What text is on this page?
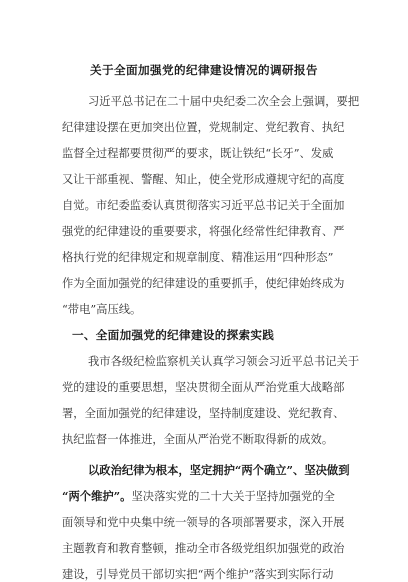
关于全面加强党的纪律建设情况的调研报告
习近平总书记在二十届中央纪委二次全会上强调，要把
纪律建设摆在更加突出位置，党规制定、党纪教育、执纪
监督全过程都要贯彻严的要求，既让铁纪“长牙”、发威
又让干部重视、警醒、知止，使全党形成遵规守纪的高度
自觉。市纪委监委认真贯彻落实习近平总书记关于全面加
强党的纪律建设的重要要求，将强化经常性纪律教育、严
格执行党的纪律规定和规章制度、精准运用“四种形态”
作为全面加强党的纪律建设的重要抓手，使纪律始终成为
“带电”高压线。
一、全面加强党的纪律建设的探索实践
我市各级纪检监察机关认真学习领会习近平总书记关于
党的建设的重要思想，坚决贯彻全面从严治党重大战略部
署，全面加强党的纪律建设，坚持制度建设、党纪教育、
执纪监督一体推进，全面从严治党不断取得新的成效。
以政治纪律为根本，坚定拥护“两个确立”、坚决做到
“两个维护”。坚决落实党的二十大关于坚持加强党的全
面领导和党中央集中统一领导的各项部署要求，深入开展
主题教育和教育整顿，推动全市各级党组织加强党的政治
建设，引导党员干部切实把“两个维护”落实到实际行动
